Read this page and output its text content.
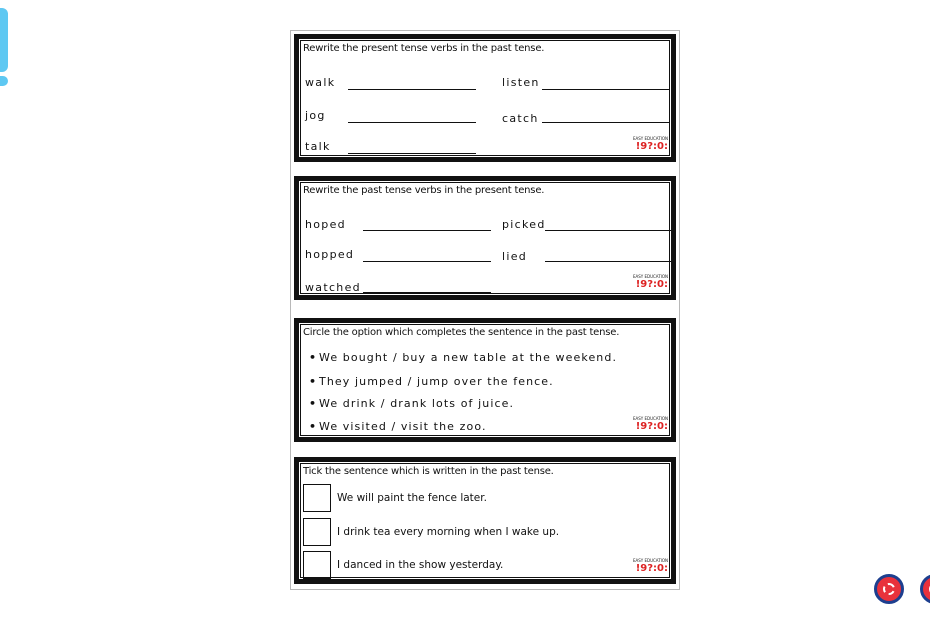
Rewrite the present tense verbs in the past tense.
walk	listen
jog	catch
talk
EASY EDUCATION
!9?:0:
Rewrite the past tense verbs in the present tense.
hoped	picked
hopped	lied
watched
EASY EDUCATION
!9?:0:
Circle the option which completes the sentence in the past tense.
• We bought / buy a new table at the weekend.
• They jumped / jump over the fence.
• We drink / drank lots of juice.
• We visited / visit the zoo.
EASY EDUCATION
!9?:0:
Tick the sentence which is written in the past tense.
We will paint the fence later.
I drink tea every morning when I wake up.
I danced in the show yesterday.	EASY EDUCATION
!9?:0:
